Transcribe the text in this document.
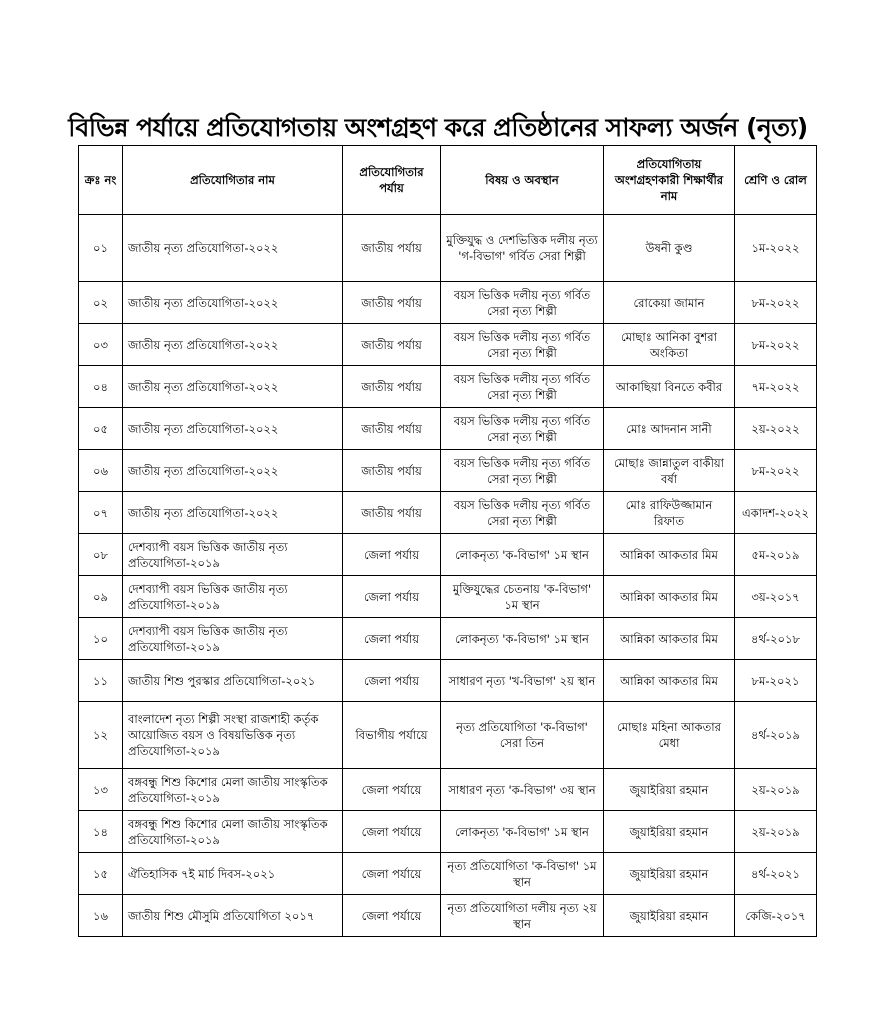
বিভিন্ন পর্যায়ে প্রতিযোগতায় অংশগ্রহণ করে প্রতিষ্ঠানের সাফল্য অর্জন (নৃত্য)
ক্রঃ নং	প্রতিযোগিতার নাম	প্রতিযোগিতার পর্যায়	বিষয় ও অবস্থান	প্রতিযোগিতায় অংশগ্রহণকারী শিক্ষার্থীর নাম	শ্রেণি ও রোল
০১	জাতীয় নৃত্য প্রতিযোগিতা-২০২২	জাতীয় পর্যায়	মুক্তিযুদ্ধ ও দেশভিত্তিক দলীয় নৃত্য 'গ-বিভাগ' গর্বিত সেরা শিল্পী	উষনী কুণ্ড	১ম-২০২২
০২	জাতীয় নৃত্য প্রতিযোগিতা-২০২২	জাতীয় পর্যায়	বয়স ভিত্তিক দলীয় নৃত্য গর্বিত সেরা নৃত্য শিল্পী	রোকেয়া জামান	৮ম-২০২২
০৩	জাতীয় নৃত্য প্রতিযোগিতা-২০২২	জাতীয় পর্যায়	বয়স ভিত্তিক দলীয় নৃত্য গর্বিত সেরা নৃত্য শিল্পী	মোছাঃ আনিকা বুশরা অংকিতা	৮ম-২০২২
০৪	জাতীয় নৃত্য প্রতিযোগিতা-২০২২	জাতীয় পর্যায়	বয়স ভিত্তিক দলীয় নৃত্য গর্বিত সেরা নৃত্য শিল্পী	আকাছিয়া বিনতে কবীর	৭ম-২০২২
০৫	জাতীয় নৃত্য প্রতিযোগিতা-২০২২	জাতীয় পর্যায়	বয়স ভিত্তিক দলীয় নৃত্য গর্বিত সেরা নৃত্য শিল্পী	মোঃ আদনান সানী	২য়-২০২২
০৬	জাতীয় নৃত্য প্রতিযোগিতা-২০২২	জাতীয় পর্যায়	বয়স ভিত্তিক দলীয় নৃত্য গর্বিত সেরা নৃত্য শিল্পী	মোছাঃ জান্নাতুল বাকীয়া বর্ষা	৮ম-২০২২
০৭	জাতীয় নৃত্য প্রতিযোগিতা-২০২২	জাতীয় পর্যায়	বয়স ভিত্তিক দলীয় নৃত্য গর্বিত সেরা নৃত্য শিল্পী	মোঃ রাফিউজ্জামান রিফাত	একাদশ-২০২২
০৮	দেশব্যাপী বয়স ভিত্তিক জাতীয় নৃত্য প্রতিযোগিতা-২০১৯	জেলা পর্যায়	লোকনৃত্য 'ক-বিভাগ' ১ম স্থান	আন্নিকা আকতার মিম	৫ম-২০১৯
০৯	দেশব্যাপী বয়স ভিত্তিক জাতীয় নৃত্য প্রতিযোগিতা-২০১৯	জেলা পর্যায়	মুক্তিযুদ্ধের চেতনায় 'ক-বিভাগ' ১ম স্থান	আন্নিকা আকতার মিম	৩য়-২০১৭
১০	দেশব্যাপী বয়স ভিত্তিক জাতীয় নৃত্য প্রতিযোগিতা-২০১৯	জেলা পর্যায়	লোকনৃত্য 'ক-বিভাগ' ১ম স্থান	আন্নিকা আকতার মিম	৪র্থ-২০১৮
১১	জাতীয় শিশু পুরস্কার প্রতিযোগিতা-২০২১	জেলা পর্যায়	সাধারণ নৃত্য 'খ-বিভাগ' ২য় স্থান	আন্নিকা আকতার মিম	৮ম-২০২১
১২	বাংলাদেশ নৃত্য শিল্পী সংস্থা রাজশাহী কর্তৃক আয়োজিত বয়স ও বিষয়ভিত্তিক নৃত্য প্রতিযোগিতা-২০১৯	বিভাগীয় পর্যায়ে	নৃত্য প্রতিযোগিতা 'ক-বিভাগ' সেরা তিন	মোছাঃ মহিনা আকতার মেধা	৪র্থ-২০১৯
১৩	বঙ্গবন্ধু শিশু কিশোর মেলা জাতীয় সাংস্কৃতিক প্রতিযোগিতা-২০১৯	জেলা পর্যায়ে	সাধারণ নৃত্য 'ক-বিভাগ' ৩য় স্থান	জুয়াইরিয়া রহমান	২য়-২০১৯
১৪	বঙ্গবন্ধু শিশু কিশোর মেলা জাতীয় সাংস্কৃতিক প্রতিযোগিতা-২০১৯	জেলা পর্যায়ে	লোকনৃত্য 'ক-বিভাগ' ১ম স্থান	জুয়াইরিয়া রহমান	২য়-২০১৯
১৫	ঐতিহাসিক ৭ই মার্চ দিবস-২০২১	জেলা পর্যায়ে	নৃত্য প্রতিযোগিতা 'ক-বিভাগ' ১ম স্থান	জুয়াইরিয়া রহমান	৪র্থ-২০২১
১৬	জাতীয় শিশু মৌসুমি প্রতিযোগিতা ২০১৭	জেলা পর্যায়ে	নৃত্য প্রতিযোগিতা দলীয় নৃত্য ২য় স্থান	জুয়াইরিয়া রহমান	কেজি-২০১৭
